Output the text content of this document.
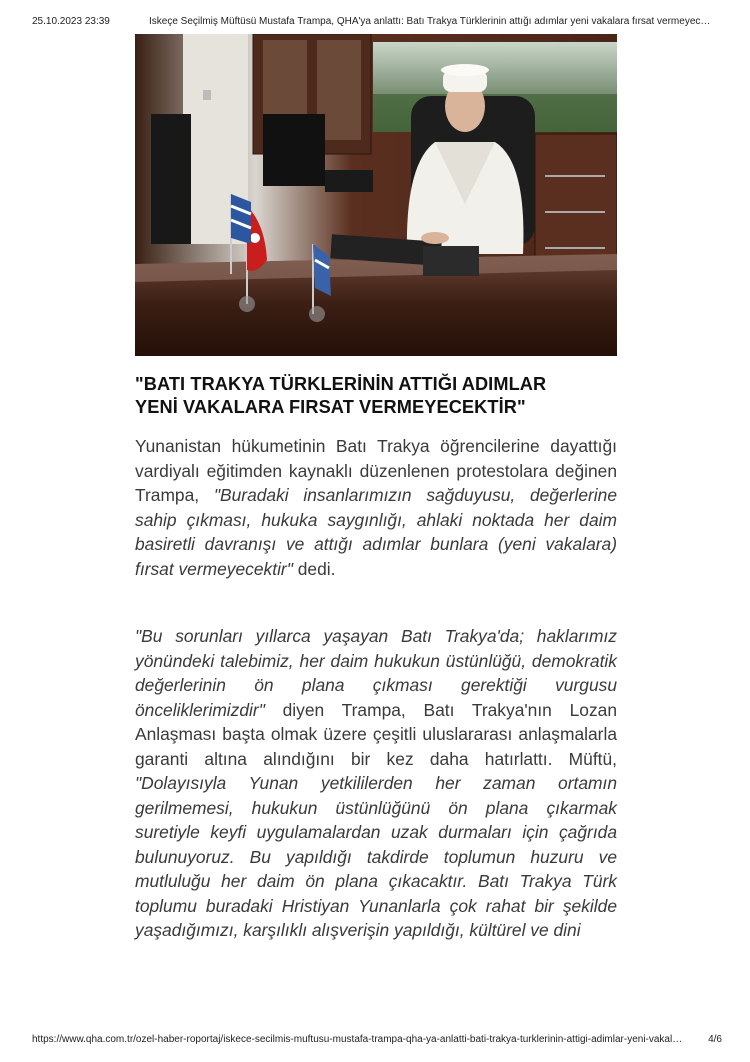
25.10.2023 23:39	İskeçe Seçilmiş Müftüsü Mustafa Trampa, QHA'ya anlattı: Batı Trakya Türklerinin attığı adımlar yeni vakalara fırsat vermeyec…
"BATI TRAKYA TÜRKLERİNİN ATTIĞI ADIMLAR
YENİ VAKALARA FIRSAT VERMEYECEKTİR"
Yunanistan hükumetinin Batı Trakya öğrencilerine dayattığı vardiyalı eğitimden kaynaklı düzenlenen protestolara değinen Trampa, "Buradaki insanlarımızın sağduyusu, değerlerine sahip çıkması, hukuka saygınlığı, ahlaki noktada her daim basiretli davranışı ve attığı adımlar bunlara (yeni vakalara) fırsat vermeyecektir" dedi.
"Bu sorunları yıllarca yaşayan Batı Trakya'da; haklarımız yönündeki talebimiz, her daim hukukun üstünlüğü, demokratik değerlerinin ön plana çıkması gerektiği vurgusu önceliklerimizdir" diyen Trampa, Batı Trakya'nın Lozan Anlaşması başta olmak üzere çeşitli uluslararası anlaşmalarla garanti altına alındığını bir kez daha hatırlattı. Müftü, "Dolayısıyla Yunan yetkililerden her zaman ortamın gerilmemesi, hukukun üstünlüğünü ön plana çıkarmak suretiyle keyfi uygulamalardan uzak durmaları için çağrıda bulunuyoruz. Bu yapıldığı takdirde toplumun huzuru ve mutluluğu her daim ön plana çıkacaktır. Batı Trakya Türk toplumu buradaki Hristiyan Yunanlarla çok rahat bir şekilde yaşadığımızı, karşılıklı alışverişin yapıldığı, kültürel ve dini
https://www.qha.com.tr/ozel-haber-roportaj/iskece-secilmis-muftusu-mustafa-trampa-qha-ya-anlatti-bati-trakya-turklerinin-attigi-adimlar-yeni-vakal…	4/6
